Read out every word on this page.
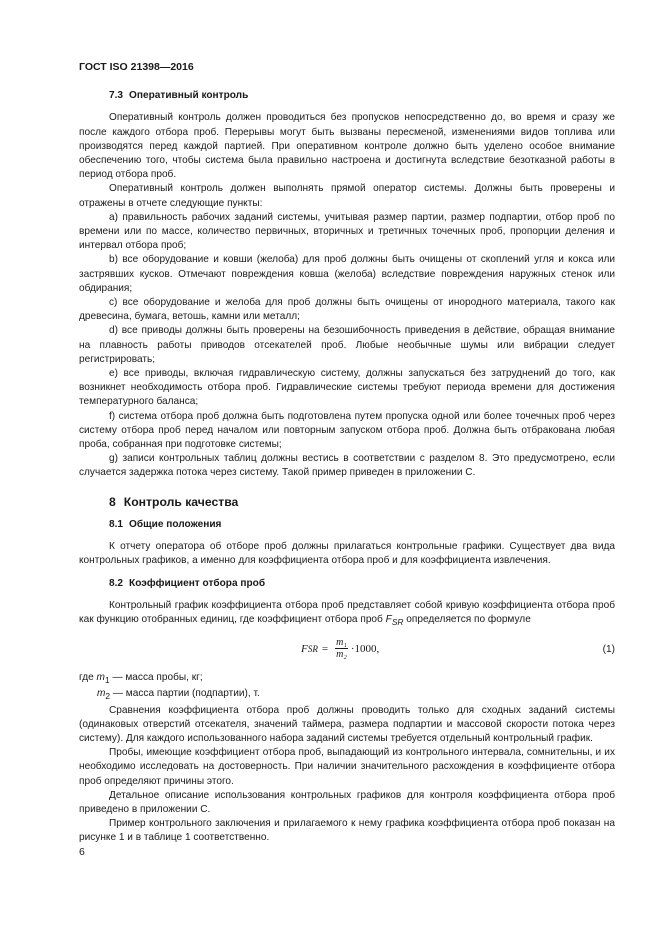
ГОСТ ISO 21398—2016
7.3 Оперативный контроль

Оперативный контроль должен проводиться без пропусков непосредственно до, во время и сразу же после каждого отбора проб. Перерывы могут быть вызваны пересменой, изменениями видов топлива или производятся перед каждой партией. При оперативном контроле должно быть уделено особое внимание обеспечению того, чтобы система была правильно настроена и достигнута вследствие безотказной работы в период отбора проб.

Оперативный контроль должен выполнять прямой оператор системы. Должны быть проверены и отражены в отчете следующие пункты:

a) правильность рабочих заданий системы, учитывая размер партии, размер подпартии, отбор проб по времени или по массе, количество первичных, вторичных и третичных точечных проб, пропорции деления и интервал отбора проб;

b) все оборудование и ковши (желоба) для проб должны быть очищены от скоплений угля и кокса или застрявших кусков. Отмечают повреждения ковша (желоба) вследствие повреждения наружных стенок или обдирания;

c) все оборудование и желоба для проб должны быть очищены от инородного материала, такого как древесина, бумага, ветошь, камни или металл;

d) все приводы должны быть проверены на безошибочность приведения в действие, обращая внимание на плавность работы приводов отсекателей проб. Любые необычные шумы или вибрации следует регистрировать;

e) все приводы, включая гидравлическую систему, должны запускаться без затруднений до того, как возникнет необходимость отбора проб. Гидравлические системы требуют периода времени для достижения температурного баланса;

f) система отбора проб должна быть подготовлена путем пропуска одной или более точечных проб через систему отбора проб перед началом или повторным запуском отбора проб. Должна быть отбракована любая проба, собранная при подготовке системы;

g) записи контрольных таблиц должны вестись в соответствии с разделом 8. Это предусмотрено, если случается задержка потока через систему. Такой пример приведен в приложении С.

8 Контроль качества
8.1 Общие положения

К отчету оператора об отборе проб должны прилагаться контрольные графики. Существует два вида контрольных графиков, а именно для коэффициента отбора проб и для коэффициента извлечения.

8.2 Коэффициент отбора проб

Контрольный график коэффициента отбора проб представляет собой кривую коэффициента отбора проб как функцию отобранных единиц, где коэффициент отбора проб $F_{SR}$ определяется по формуле

F SR = $\frac{\text{m₁}}{\text{m₂}} \cdot 1000$,	(1)
где $m_1$ — масса пробы, кг;
$m_2$ — масса партии (подпартии), т.

Сравнения коэффициента отбора проб должны проводить только для сходных заданий системы (одинаковых отверстий отсекателя, значений таймера, размера подпартии и массовой скорости потока через систему). Для каждого использованного набора заданий системы требуется отдельный контрольный график.

Пробы, имеющие коэффициент отбора проб, выпадающий из контрольного интервала, сомнительны, и их необходимо исследовать на достоверность. При наличии значительного расхождения в коэффициенте отбора проб определяют причины этого.

Детальное описание использования контрольных графиков для контроля коэффициента отбора проб приведено в приложении С.

Пример контрольного заключения и прилагаемого к нему графика коэффициента отбора проб показан на рисунке 1 и в таблице 1 соответственно.

6
